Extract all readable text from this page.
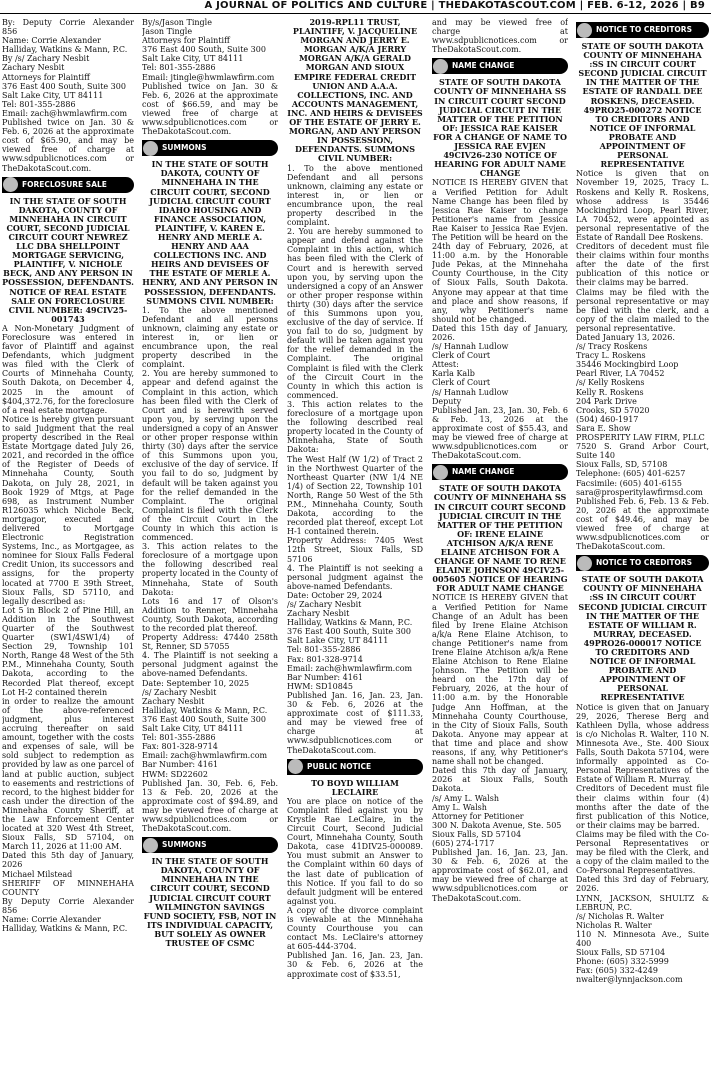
A JOURNAL OF POLITICS AND CULTURE | THEDAKOTASCOUT.COM | FEB. 6-12, 2026 | B9

By: Deputy Corrie Alexander 856

Name: Corrie Alexander

Halliday, Watkins & Mann, P.C.

By /s/ Zachary Nesbit

Zachary Nesbit

Attorneys for Plaintiff

376 East 400 South, Suite 300

Salt Lake City, UT 84111

Tel: 801-355-2886

Email: zach@hwmlawfirm.com

Published twice on Jan. 30 & Feb. 6, 2026 at the approximate cost of $65.90, and may be viewed free of charge at www.sdpublicnotices.com or TheDakotaScout.com.

FORECLOSURE SALE

IN THE STATE OF SOUTH DAKOTA, COUNTY OF MINNEHAHA IN CIRCUIT COURT, SECOND JUDICIAL CIRCUIT COURT NEWREZ LLC DBA SHELLPOINT MORTGAGE SERVICING, PLAINTIFF, V. NICHOLE BECK, AND ANY PERSON IN POSSESSION, DEFENDANTS. NOTICE OF REAL ESTATE SALE ON FORECLOSURE CIVIL NUMBER: 49CIV25-001743

A Non-Monetary Judgment of Foreclosure was entered in favor of Plaintiff and against Defendants, which judgment was filed with the Clerk of Courts of Minnehaha County, South Dakota, on December 4, 2025 in the amount of $404,372.76, for the foreclosure of a real estate mortgage.

Notice is hereby given pursuant to said Judgment that the real property described in the Real Estate Mortgage dated July 26, 2021, and recorded in the office of the Register of Deeds of Minnehaha County, South Dakota, on July 28, 2021, in Book 1929 of Mtgs, at Page 698, as Instrument Number R126035 which Nichole Beck, mortgagor, executed and delivered to Mortgage Electronic Registration Systems, Inc., as Mortgagee, as nominee for Sioux Falls Federal Credit Union, its successors and assigns, for the property located at 7700 E 39th Street, Sioux Falls, SD 57110, and legally described as:

Lot 5 in Block 2 of Pine Hill, an Addition in the Southwest Quarter of the Southwest Quarter (SW1/4SW1/4) of Section 29, Township 101 North, Range 48 West of the 5th P.M., Minnehaha County, South Dakota, according to the Recorded Plat thereof, except Lot H-2 contained therein

in order to realize the amount of the above-referenced judgment, plus interest accruing thereafter on said amount, together with the costs and expenses of sale, will be sold subject to redemption as provided by law as one parcel of land at public auction, subject to easements and restrictions of record, to the highest bidder for cash under the direction of the Minnehaha County Sheriff, at the Law Enforcement Center located at 320 West 4th Street, Sioux Falls, SD 57104, on March 11, 2026 at 11:00 AM.

Dated this 5th day of January, 2026

Michael Milstead

SHERIFF OF MINNEHAHA COUNTY

By Deputy Corrie Alexander 856

Name: Corrie Alexander

Halliday, Watkins & Mann, P.C.

By/s/Jason Tingle

Jason Tingle

Attorneys for Plaintiff

376 East 400 South, Suite 300

Salt Lake City, UT 84111

Tel: 801-355-2886

Email: jtingle@hwmlawfirm.com

Published twice on Jan. 30 & Feb. 6, 2026 at the approximate cost of $66.59, and may be viewed free of charge at www.sdpublicnotices.com or TheDakotaScout.com.

SUMMONS

IN THE STATE OF SOUTH DAKOTA, COUNTY OF MINNEHAHA IN THE CIRCUIT COURT, SECOND JUDICIAL CIRCUIT COURT IDAHO HOUSING AND FINANCE ASSOCIATION, PLAINTIFF, V. KAREN E. HENRY AND MERLE A. HENRY AND AAA COLLECTIONS INC. AND HEIRS AND DEVISEES OF THE ESTATE OF MERLE A. HENRY, AND ANY PERSON IN POSSESSION, DEFENDANTS. SUMMONS CIVIL NUMBER:

1. To the above mentioned Defendant and all persons unknown, claiming any estate or interest in, or lien or encumbrance upon, the real property described in the complaint.

2. You are hereby summoned to appear and defend against the Complaint in this action, which has been filed with the Clerk of Court and is herewith served upon you, by serving upon the undersigned a copy of an Answer or other proper response within thirty (30) days after the service of this Summons upon you, exclusive of the day of service. If you fail to do so, judgment by default will be taken against you for the relief demanded in the Complaint. The original Complaint is filed with the Clerk of the Circuit Court in the County in which this action is commenced.

3. This action relates to the foreclosure of a mortgage upon the following described real property located in the County of Minnehaha, State of South Dakota:

Lots 16 and 17 of Olson's Addition to Renner, Minnehaha County, South Dakota, according to the recorded plat thereof.

Property Address: 47440 258th St, Renner, SD 57055

4. The Plaintiff is not seeking a personal judgment against the above-named Defendants.

Date: September 10, 2025

/s/ Zachary Nesbit

Zachary Nesbit

Halliday, Watkins & Mann, P.C.

376 East 400 South, Suite 300

Salt Lake City, UT 84111

Tel: 801-355-2886

Fax: 801-328-9714

Email: zach@hwmlawfirm.com

Bar Number: 4161

HWM: SD22602

Published Jan. 30, Feb. 6, Feb. 13 & Feb. 20, 2026 at the approximate cost of $94.89, and may be viewed free of charge at www.sdpublicnotices.com or TheDakotaScout.com.

SUMMONS

IN THE STATE OF SOUTH DAKOTA, COUNTY OF MINNEHAHA IN THE CIRCUIT COURT, SECOND JUDICIAL CIRCUIT COURT WILMINGTON SAVINGS FUND SOCIETY, FSB, NOT IN ITS INDIVIDUAL CAPACITY, BUT SOLELY AS OWNER TRUSTEE OF CSMC

2019-RPL11 TRUST, PLAINTIFF, V. JACQUELINE MORGAN AND JERRY E. MORGAN A/K/A JERRY MORGAN A/K/A GERALD MORGAN AND SIOUX EMPIRE FEDERAL CREDIT UNION AND A.A.A. COLLECTIONS, INC. AND ACCOUNTS MANAGEMENT, INC. AND HEIRS & DEVISEES OF THE ESTATE OF JERRY E. MORGAN, AND ANY PERSON IN POSSESSION, DEFENDANTS. SUMMONS CIVIL NUMBER:

1. To the above mentioned Defendant and all persons unknown, claiming any estate or interest in, or lien or encumbrance upon, the real property described in the complaint.

2. You are hereby summoned to appear and defend against the Complaint in this action, which has been filed with the Clerk of Court and is herewith served upon you, by serving upon the undersigned a copy of an Answer or other proper response within thirty (30) days after the service of this Summons upon you, exclusive of the day of service. If you fail to do so, judgment by default will be taken against you for the relief demanded in the Complaint. The original Complaint is filed with the Clerk of the Circuit Court in the County in which this action is commenced.

3. This action relates to the foreclosure of a mortgage upon the following described real property located in the County of Minnehaha, State of South Dakota:

The West Half (W 1/2) of Tract 2 in the Northwest Quarter of the Northeast Quarter (NW 1/4 NE 1/4) of Section 22, Township 101 North, Range 50 West of the 5th P.M., Minnehaha County, South Dakota, according to the recorded plat thereof, except Lot H-1 contained therein.

Property Address: 7405 West 12th Street, Sioux Falls, SD 57106

4. The Plaintiff is not seeking a personal judgment against the above-named Defendants.

Date: October 29, 2024

/s/ Zachary Nesbit

Zachary Nesbit

Halliday, Watkins & Mann, P.C.

376 East 400 South, Suite 300

Salt Lake City, UT 84111

Tel: 801-355-2886

Fax: 801-328-9714

Email: zach@hwmlawfirm.com

Bar Number: 4161

HWM: SD10845

Published Jan. 16, Jan. 23, Jan. 30 & Feb. 6, 2026 at the approximate cost of $111.33, and may be viewed free of charge at www.sdpublicnotices.com or TheDakotaScout.com.

PUBLIC NOTICE

TO BOYD WILLIAM LECLAIRE

You are place on notice of the Complaint filed against you by Krystle Rae LeClaire, in the Circuit Court, Second Judicial Court, Minnehaha County, South Dakota, case 41DIV25-000089. You must submit an Answer to the Complaint within 60 days of the last date of publication of this Notice. If you fail to do so default judgment will be entered against you.

A copy of the divorce complaint is viewable at the Minnehaha County Courthouse you can contact Ms. LeClaire's attorney at 605-444-3704.

Published Jan. 16, Jan. 23, Jan. 30 & Feb. 6, 2026 at the approximate cost of $33.51,

and may be viewed free of charge at www.sdpublicnotices.com or TheDakotaScout.com.

NAME CHANGE

STATE OF SOUTH DAKOTA COUNTY OF MINNEHAHA SS IN CIRCUIT COURT SECOND JUDICIAL CIRCUIT IN THE MATTER OF THE PETITION OF: JESSICA RAE KAISER FOR A CHANGE OF NAME TO JESSICA RAE EVJEN 49CIV26-230 NOTICE OF HEARING FOR ADULT NAME CHANGE

NOTICE IS HEREBY GIVEN that a Verified Petition for Adult Name Change has been filed by Jessica Rae Kaiser to change Petitioner's name from Jessica Rae Kaiser to Jessica Rae Evjen. The Petition will be heard on the 24th day of February, 2026, at 11:00 a.m. by the Honorable Jude Pekas, at the Minnehaha County Courthouse, in the City of Sioux Falls, South Dakota. Anyone may appear at that time and place and show reasons, if any, why Petitioner's name should not be changed.

Dated this 15th day of January, 2026.

/s/ Hannah Ludlow

Clerk of Court

Attest:

Karla Kalb

Clerk of Court

/s/ Hannah Ludlow

Deputy

Published Jan. 23, Jan. 30, Feb. 6 & Feb. 13, 2026 at the approximate cost of $55.43, and may be viewed free of charge at www.sdpublicnotices.com or TheDakotaScout.com.

NAME CHANGE

STATE OF SOUTH DAKOTA COUNTY OF MINNEHAHA SS IN CIRCUIT COURT SECOND JUDICIAL CIRCUIT IN THE MATTER OF THE PETITION OF: IRENE ELAINE ATCHISON A/K/A RENE ELAINE ATCHISON FOR A CHANGE OF NAME TO RENE ELAINE JOHNSON 49CIV25-005605 NOTICE OF HEARING FOR ADULT NAME CHANGE

NOTICE IS HEREBY GIVEN that a Verified Petition for Name Change of an Adult has been filed by Irene Elaine Atchison a/k/a Rene Elaine Atchison, to change Petitioner's name from Irene Elaine Atchison a/k/a Rene Elaine Atchison to Rene Elaine Johnson. The Petition will be heard on the 17th day of February, 2026, at the hour of 11:00 a.m. by the Honorable Judge Ann Hoffman, at the Minnehaha County Courthouse, in the City of Sioux Falls, South Dakota. Anyone may appear at that time and place and show reasons, if any, why Petitioner's name shall not be changed.

Dated this 7th day of January, 2026 at Sioux Falls, South Dakota.

/s/ Amy L. Walsh

Amy L. Walsh

Attorney for Petitioner

300 N. Dakota Avenue, Ste. 505

Sioux Falls, SD 57104

(605) 274-1717

Published Jan. 16, Jan. 23, Jan. 30 & Feb. 6, 2026 at the approximate cost of $62.01, and may be viewed free of charge at www.sdpublicnotices.com or TheDakotaScout.com.

NOTICE TO CREDITORS

STATE OF SOUTH DAKOTA COUNTY OF MINNEHAHA :SS IN CIRCUIT COURT SECOND JUDICIAL CIRCUIT IN THE MATTER OF THE ESTATE OF RANDALL DEE ROSKENS, DECEASED. 49PRO25-000272 NOTICE TO CREDITORS AND NOTICE OF INFORMAL PROBATE AND APPOINTMENT OF PERSONAL REPRESENTATIVE

Notice is given that on November 19, 2025, Tracy L. Roskens and Kelly R. Roskens, whose address is 35446 Mockingbird Loop, Pearl River, LA 70452, were appointed as personal representative of the Estate of Randall Dee Roskens.

Creditors of decedent must file their claims within four months after the date of the first publication of this notice or their claims may be barred.

Claims may be filed with the personal representative or may be filed with the clerk, and a copy of the claim mailed to the personal representative.

Dated January 13, 2026.

/s/ Tracy Roskens

Tracy L. Roskens

35446 Mockingbird Loop

Pearl River, LA 70452

/s/ Kelly Roskens

Kelly R. Roskens

204 Park Drive

Crooks, SD 57020

(504) 460-1917

Sara E. Show

PROSPERITY LAW FIRM, PLLC

7520 S. Grand Arbor Court, Suite 140

Sioux Falls, SD, 57108

Telephone: (605) 401-6257

Facsimile: (605) 401-6155

sara@prosperitylawfirmsd.com

Published Feb. 6, Feb. 13 & Feb. 20, 2026 at the approximate cost of $49.46, and may be viewed free of charge at www.sdpublicnotices.com or TheDakotaScout.com.

NOTICE TO CREDITORS

STATE OF SOUTH DAKOTA COUNTY OF MINNEHAHA :SS IN CIRCUIT COURT SECOND JUDICIAL CIRCUIT IN THE MATTER OF THE ESTATE OF WILLIAM R. MURRAY, DECEASED. 49PRO26-000017 NOTICE TO CREDITORS AND NOTICE OF INFORMAL PROBATE AND APPOINTMENT OF PERSONAL REPRESENTATIVE

Notice is given that on January 29, 2026, Therese Berg and Kathleen Dylla, whose address is c/o Nicholas R. Walter, 110 N. Minnesota Ave., Ste. 400 Sioux Falls, South Dakota 57104, were informally appointed as Co-Personal Representatives of the Estate of William R. Murray.

Creditors of Decedent must file their claims within four (4) months after the date of the first publication of this Notice, or their claims may be barred.

Claims may be filed with the Co-Personal Representatives or may be filed with the Clerk, and a copy of the claim mailed to the Co-Personal Representatives.

Dated this 3rd day of February, 2026.

LYNN, JACKSON, SHULTZ & LEBRUN, P.C.

/s/ Nicholas R. Walter

Nicholas R. Walter

110 N. Minnesota Ave., Suite 400

Sioux Falls, SD 57104

Phone: (605) 332-5999

Fax: (605) 332-4249

nwalter@lynnjackson.com
